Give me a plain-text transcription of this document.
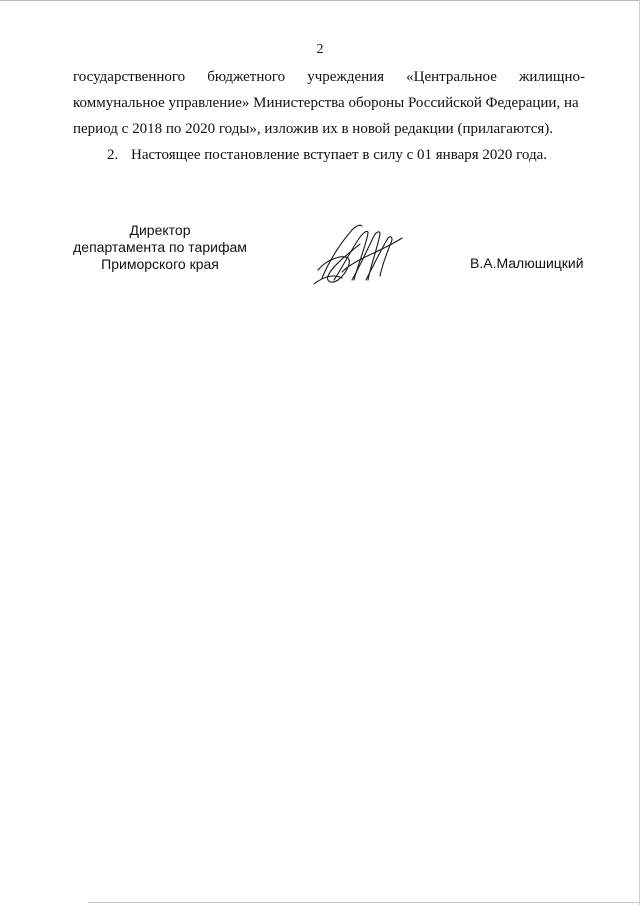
2
государственного бюджетного учреждения «Центральное жилищно-
коммунальное управление» Министерства обороны Российской Федерации, на
период с 2018 по 2020 годы», изложив их в новой редакции (прилагаются).
2. Настоящее постановление вступает в силу с 01 января 2020 года.
Директор
департамента по тарифам
Приморского края	В.А.Малюшицкий
